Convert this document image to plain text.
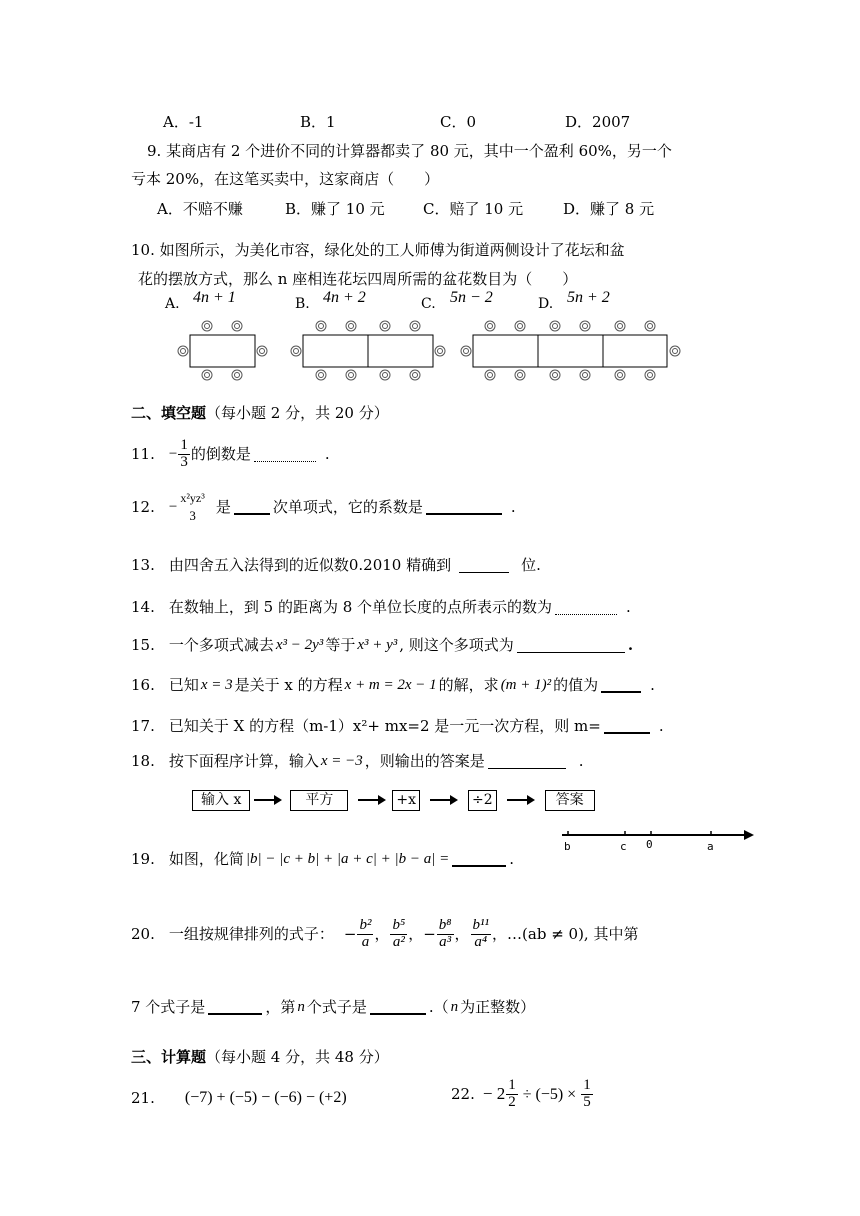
A．-1	B．1	C．0	D．2007
9. 某商店有 2 个进价不同的计算器都卖了 80 元，其中一个盈利 60%，另一个
亏本 20%，在这笔买卖中，这家商店（　　）
A．不赔不赚	B．赚了 10 元	C．赔了 10 元	D．赚了 8 元
10. 如图所示，为美化市容，绿化处的工人师傅为街道两侧设计了花坛和盆
花的摆放方式，那么 n 座相连花坛四周所需的盆花数目为（　　）
A. 4n + 1	B. 4n + 2	C. 5n − 2	D. 5n + 2
二、填空题（每小题 2 分，共 20 分）
11. − $\frac{1}{3}$ 的倒数是	.
12. −
x²yz³
3 是	次单项式，它的系数是	.
13. 由四舍五入法得到的近似数0.2010 精确到	位.
14. 在数轴上，到 5 的距离为 8 个单位长度的点所表示的数为	.
15. 一个多项式减去 x³ − 2y³ 等于 x³ + y³ , 则这个多项式为	.
16. 已知 x = 3 是关于 x 的方程 x + m = 2x − 1 的解，求 (m + 1)² 的值为	.
17. 已知关于 X 的方程（m-1）x²+ mx=2 是一元一次方程，则 m=	.
18. 按下面程序计算，输入 x = −3 ，则输出的答案是	.
输入 x	平方	+x	÷2	答案
19. 如图，化简 |b| − |c + b| + |a + c| + |b − a| =	.
b	c 0	a
20. 一组按规律排列的式子： − $\frac{\text{b²}}{a}$ ， $\frac{\text{b⁵}}{\text{a²}}$ ， − $\frac{\text{b⁸}}{\text{a³}}$ ， $\frac{\text{b¹¹}}{\text{a⁴}}$ ， …(ab ≠ 0), 其中第
7 个式子是	，第 n 个式子是	.（ n 为正整数）
三、计算题（每小题 4 分，共 48 分）
21. (−7) + (−5) − (−6) − (+2)	22. − $2 \frac{1}{2} \div (-5) \times \frac{1}{5}$
